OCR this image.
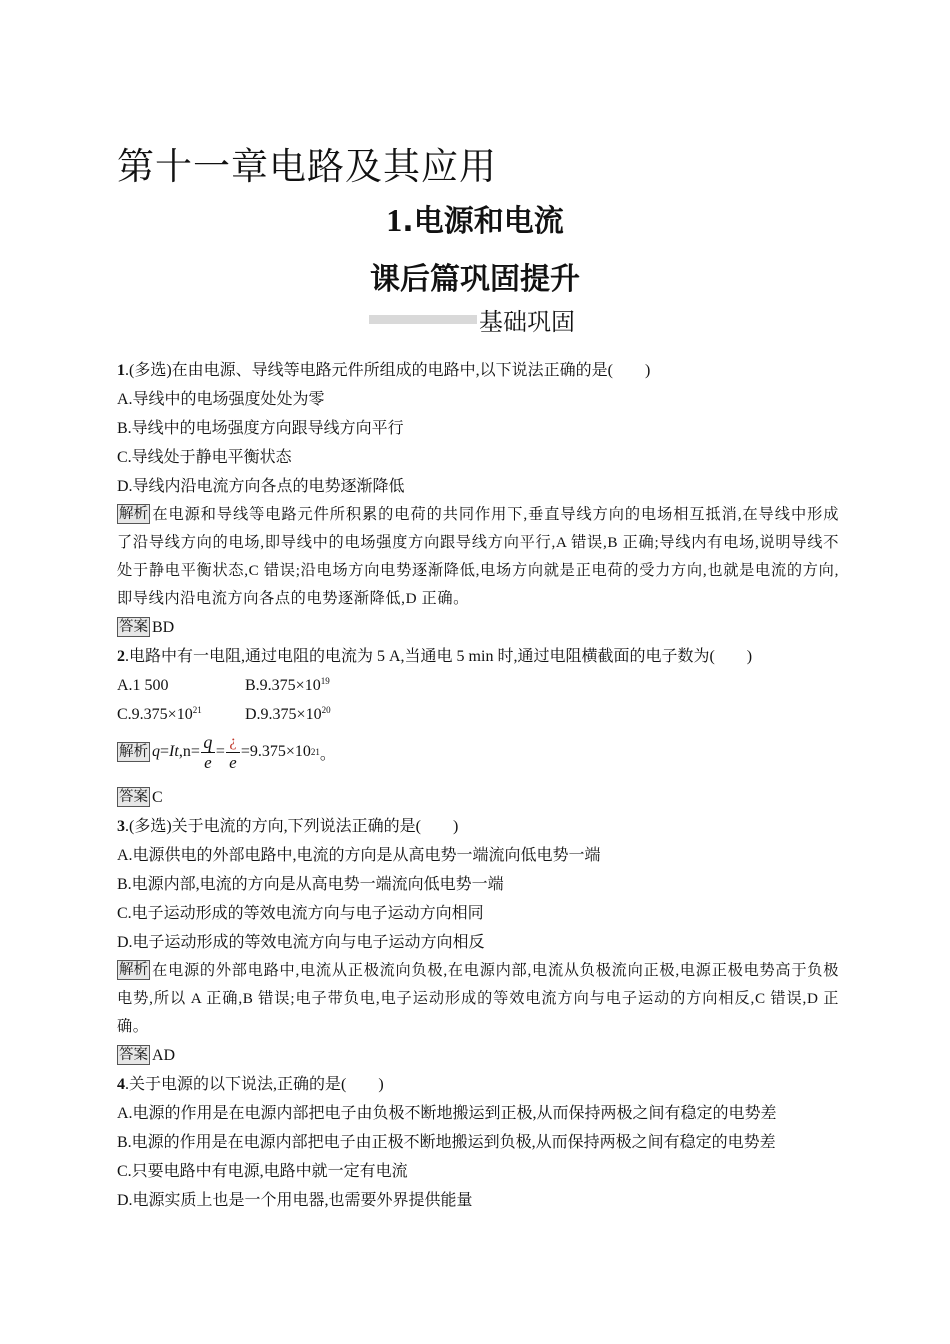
第十一章电路及其应用
1.电源和电流
课后篇巩固提升
基础巩固
1.(多选)在由电源、导线等电路元件所组成的电路中,以下说法正确的是(　　)
A.导线中的电场强度处处为零
B.导线中的电场强度方向跟导线方向平行
C.导线处于静电平衡状态
D.导线内沿电流方向各点的电势逐渐降低

解析 在电源和导线等电路元件所积累的电荷的共同作用下,垂直导线方向的电场相互抵消,在导线中形成了沿导线方向的电场,即导线中的电场强度方向跟导线方向平行,A 错误,B 正确;导线内有电场,说明导线不处于静电平衡状态,C 错误;沿电场方向电势逐渐降低,电场方向就是正电荷的受力方向,也就是电流的方向,即导线内沿电流方向各点的电势逐渐降低,D 正确。

答案 BD
2.电路中有一电阻,通过电阻的电流为 5 A,当通电 5 min 时,通过电阻横截面的电子数为(　　)
A.1 500	$B.9.375\times 10^{19}$
$C.9.375\times 10^{21}$	$D.9.375\times 10^{20}$
解析 q = It $,n= \frac{q}{e} = \frac{¿}{e} =9.375\times 10$ 21 。
答案 C
3.(多选)关于电流的方向,下列说法正确的是(　　)
A.电源供电的外部电路中,电流的方向是从高电势一端流向低电势一端
B.电源内部,电流的方向是从高电势一端流向低电势一端
C.电子运动形成的等效电流方向与电子运动方向相同
D.电子运动形成的等效电流方向与电子运动方向相反

解析 在电源的外部电路中,电流从正极流向负极,在电源内部,电流从负极流向正极,电源正极电势高于负极电势,所以 A 正确,B 错误;电子带负电,电子运动形成的等效电流方向与电子运动的方向相反,C 错误,D 正确。

答案 AD
4.关于电源的以下说法,正确的是(　　)
A.电源的作用是在电源内部把电子由负极不断地搬运到正极,从而保持两极之间有稳定的电势差
B.电源的作用是在电源内部把电子由正极不断地搬运到负极,从而保持两极之间有稳定的电势差
C.只要电路中有电源,电路中就一定有电流
D.电源实质上也是一个用电器,也需要外界提供能量
